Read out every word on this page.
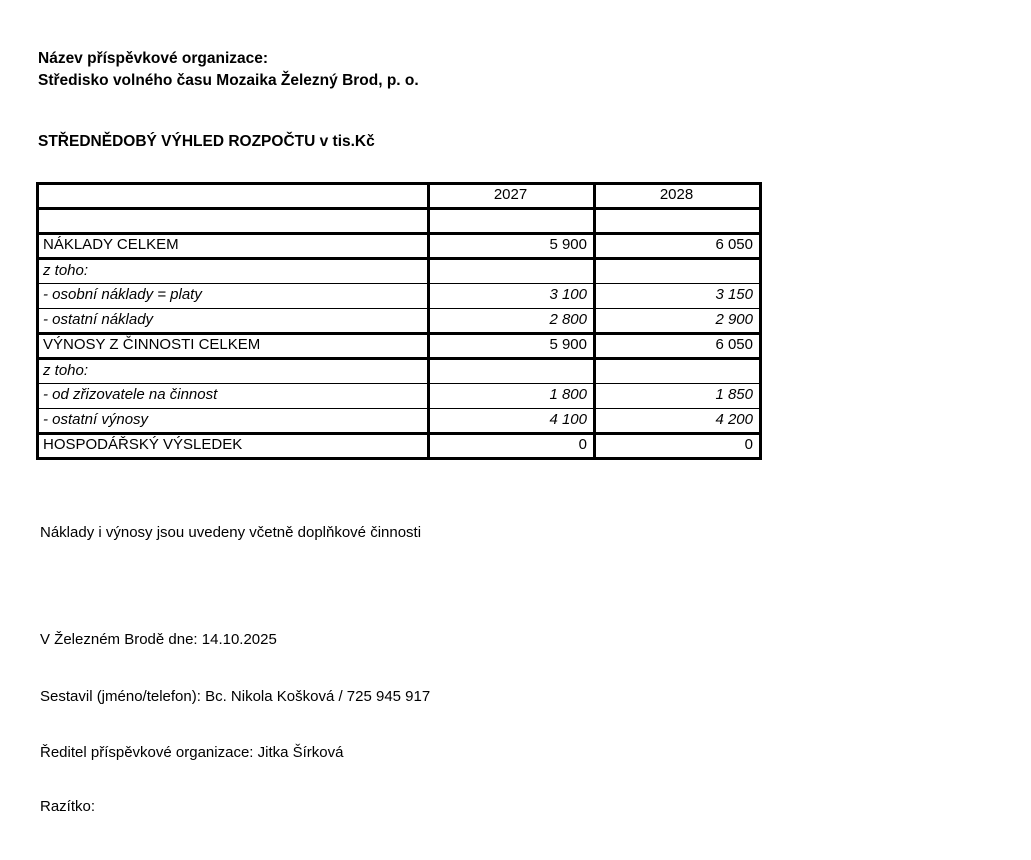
Název příspěvkové organizace:
Středisko volného času Mozaika Železný Brod, p. o.
STŘEDNĚDOBÝ VÝHLED ROZPOČTU v tis.Kč
	2027	2028

NÁKLADY CELKEM	5 900	6 050
z toho:		
- osobní náklady = platy	3 100	3 150
- ostatní náklady	2 800	2 900
VÝNOSY Z ČINNOSTI CELKEM	5 900	6 050
z toho:		
- od zřizovatele na činnost	1 800	1 850
- ostatní výnosy	4 100	4 200
HOSPODÁŘSKÝ VÝSLEDEK	0	0
Náklady i výnosy jsou uvedeny včetně doplňkové činnosti
V Železném Brodě dne: 14.10.2025
Sestavil (jméno/telefon): Bc. Nikola Košková / 725 945 917
Ředitel příspěvkové organizace: Jitka Šírková
Razítko:
